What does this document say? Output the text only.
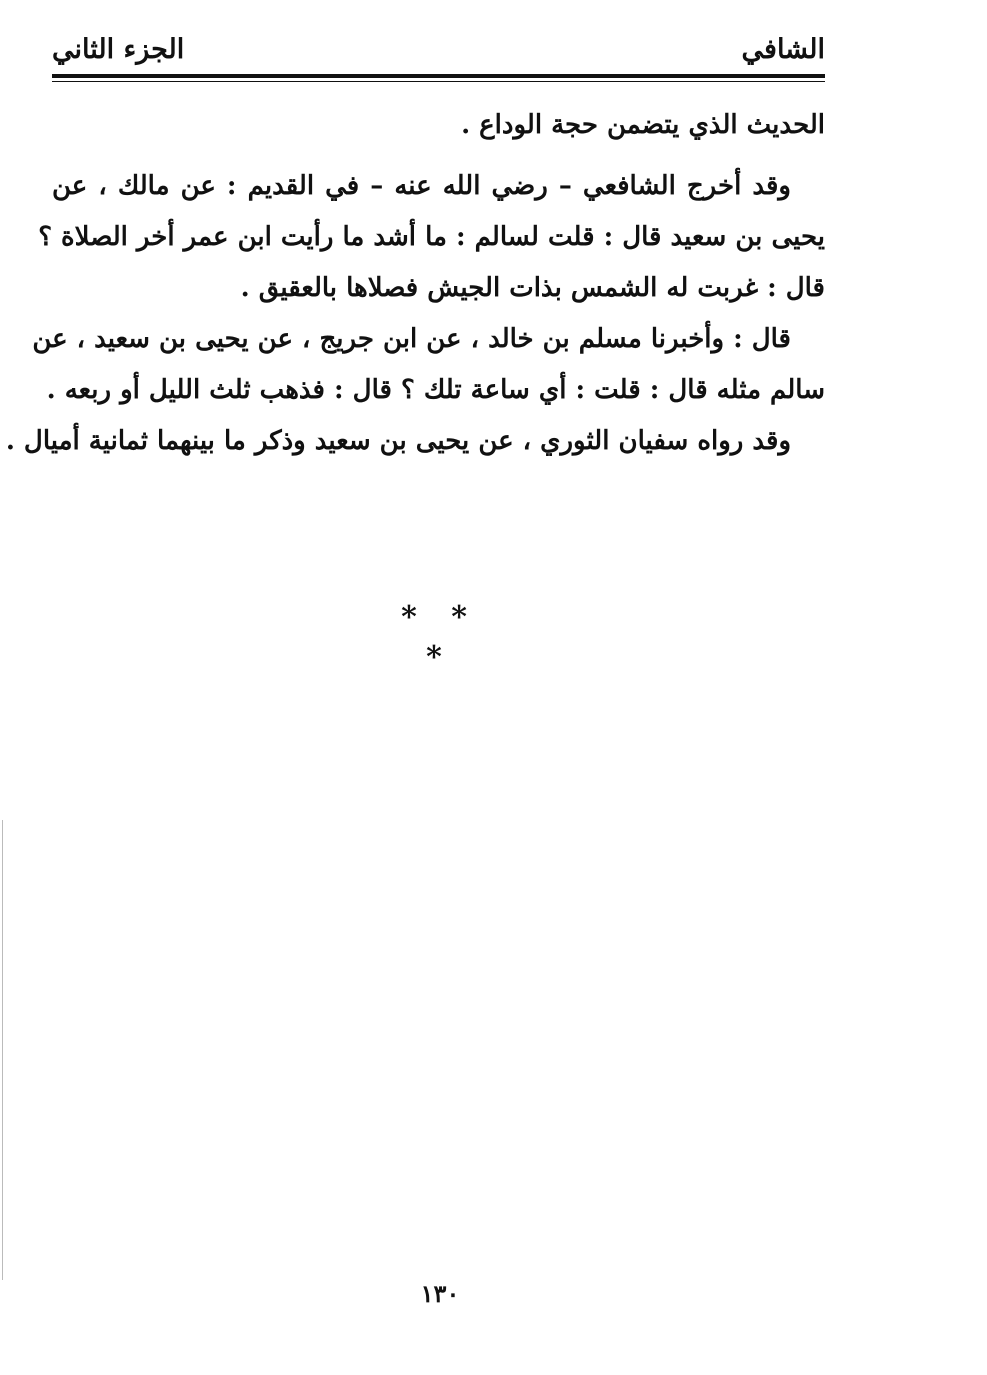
الشافي
الجزء الثاني
الحديث الذي يتضمن حجة الوداع .
وقد أخرج الشافعي – رضي الله عنه – في القديم : عن مالك ، عن
يحيى بن سعيد قال : قلت لسالم : ما أشد ما رأيت ابن عمر أخر الصلاة ؟
قال : غربت له الشمس بذات الجيش فصلاها بالعقيق .
قال : وأخبرنا مسلم بن خالد ، عن ابن جريج ، عن يحيى بن سعيد ، عن
سالم مثله قال : قلت : أي ساعة تلك ؟ قال : فذهب ثلث الليل أو ربعه .
وقد رواه سفيان الثوري ، عن يحيى بن سعيد وذكر ما بينهما ثمانية أميال .
* * *
١٣٠
